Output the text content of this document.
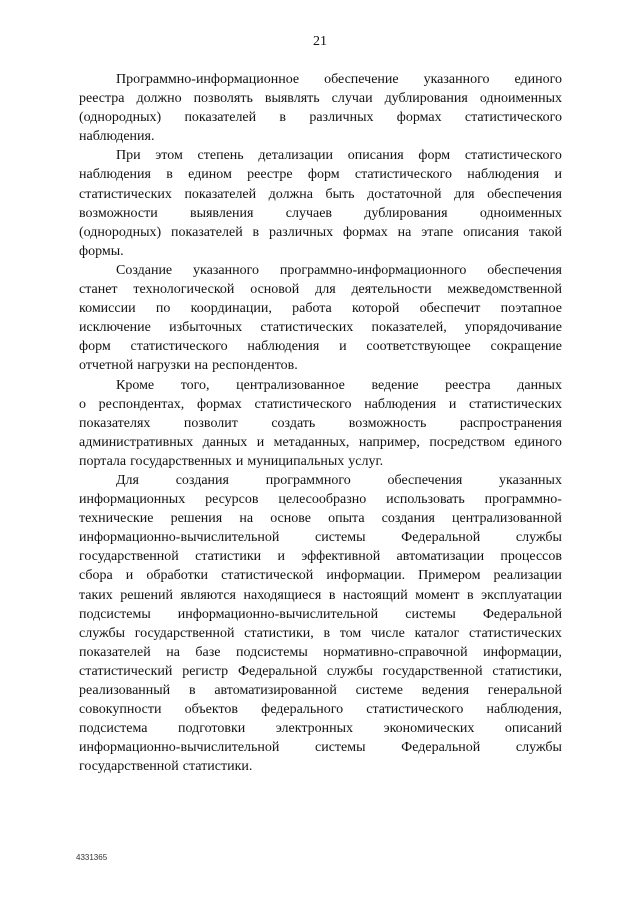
21
Программно-информационное обеспечение указанного единого
реестра должно позволять выявлять случаи дублирования одноименных
(однородных) показателей в различных формах статистического
наблюдения.
При этом степень детализации описания форм статистического
наблюдения в едином реестре форм статистического наблюдения и
статистических показателей должна быть достаточной для обеспечения
возможности выявления случаев дублирования одноименных
(однородных) показателей в различных формах на этапе описания такой
формы.
Создание указанного программно-информационного обеспечения
станет технологической основой для деятельности межведомственной
комиссии по координации, работа которой обеспечит поэтапное
исключение избыточных статистических показателей, упорядочивание
форм статистического наблюдения и соответствующее сокращение
отчетной нагрузки на респондентов.
Кроме того, централизованное ведение реестра данных
о респондентах, формах статистического наблюдения и статистических
показателях позволит создать возможность распространения
административных данных и метаданных, например, посредством единого
портала государственных и муниципальных услуг.
Для	создания	программного	обеспечения	указанных
информационных ресурсов целесообразно использовать программно-
технические решения на основе опыта создания централизованной
информационно-вычислительной	системы	Федеральной	службы
государственной статистики и эффективной автоматизации процессов
сбора и обработки статистической информации. Примером реализации
таких решений являются находящиеся в настоящий момент в эксплуатации
подсистемы информационно-вычислительной системы Федеральной
службы государственной статистики, в том числе каталог статистических
показателей на базе подсистемы нормативно-справочной информации,
статистический регистр Федеральной службы государственной статистики,
реализованный в автоматизированной системе ведения генеральной
совокупности объектов федерального статистического наблюдения,
подсистема подготовки электронных экономических описаний
информационно-вычислительной	системы	Федеральной	службы
государственной статистики.
4331365
